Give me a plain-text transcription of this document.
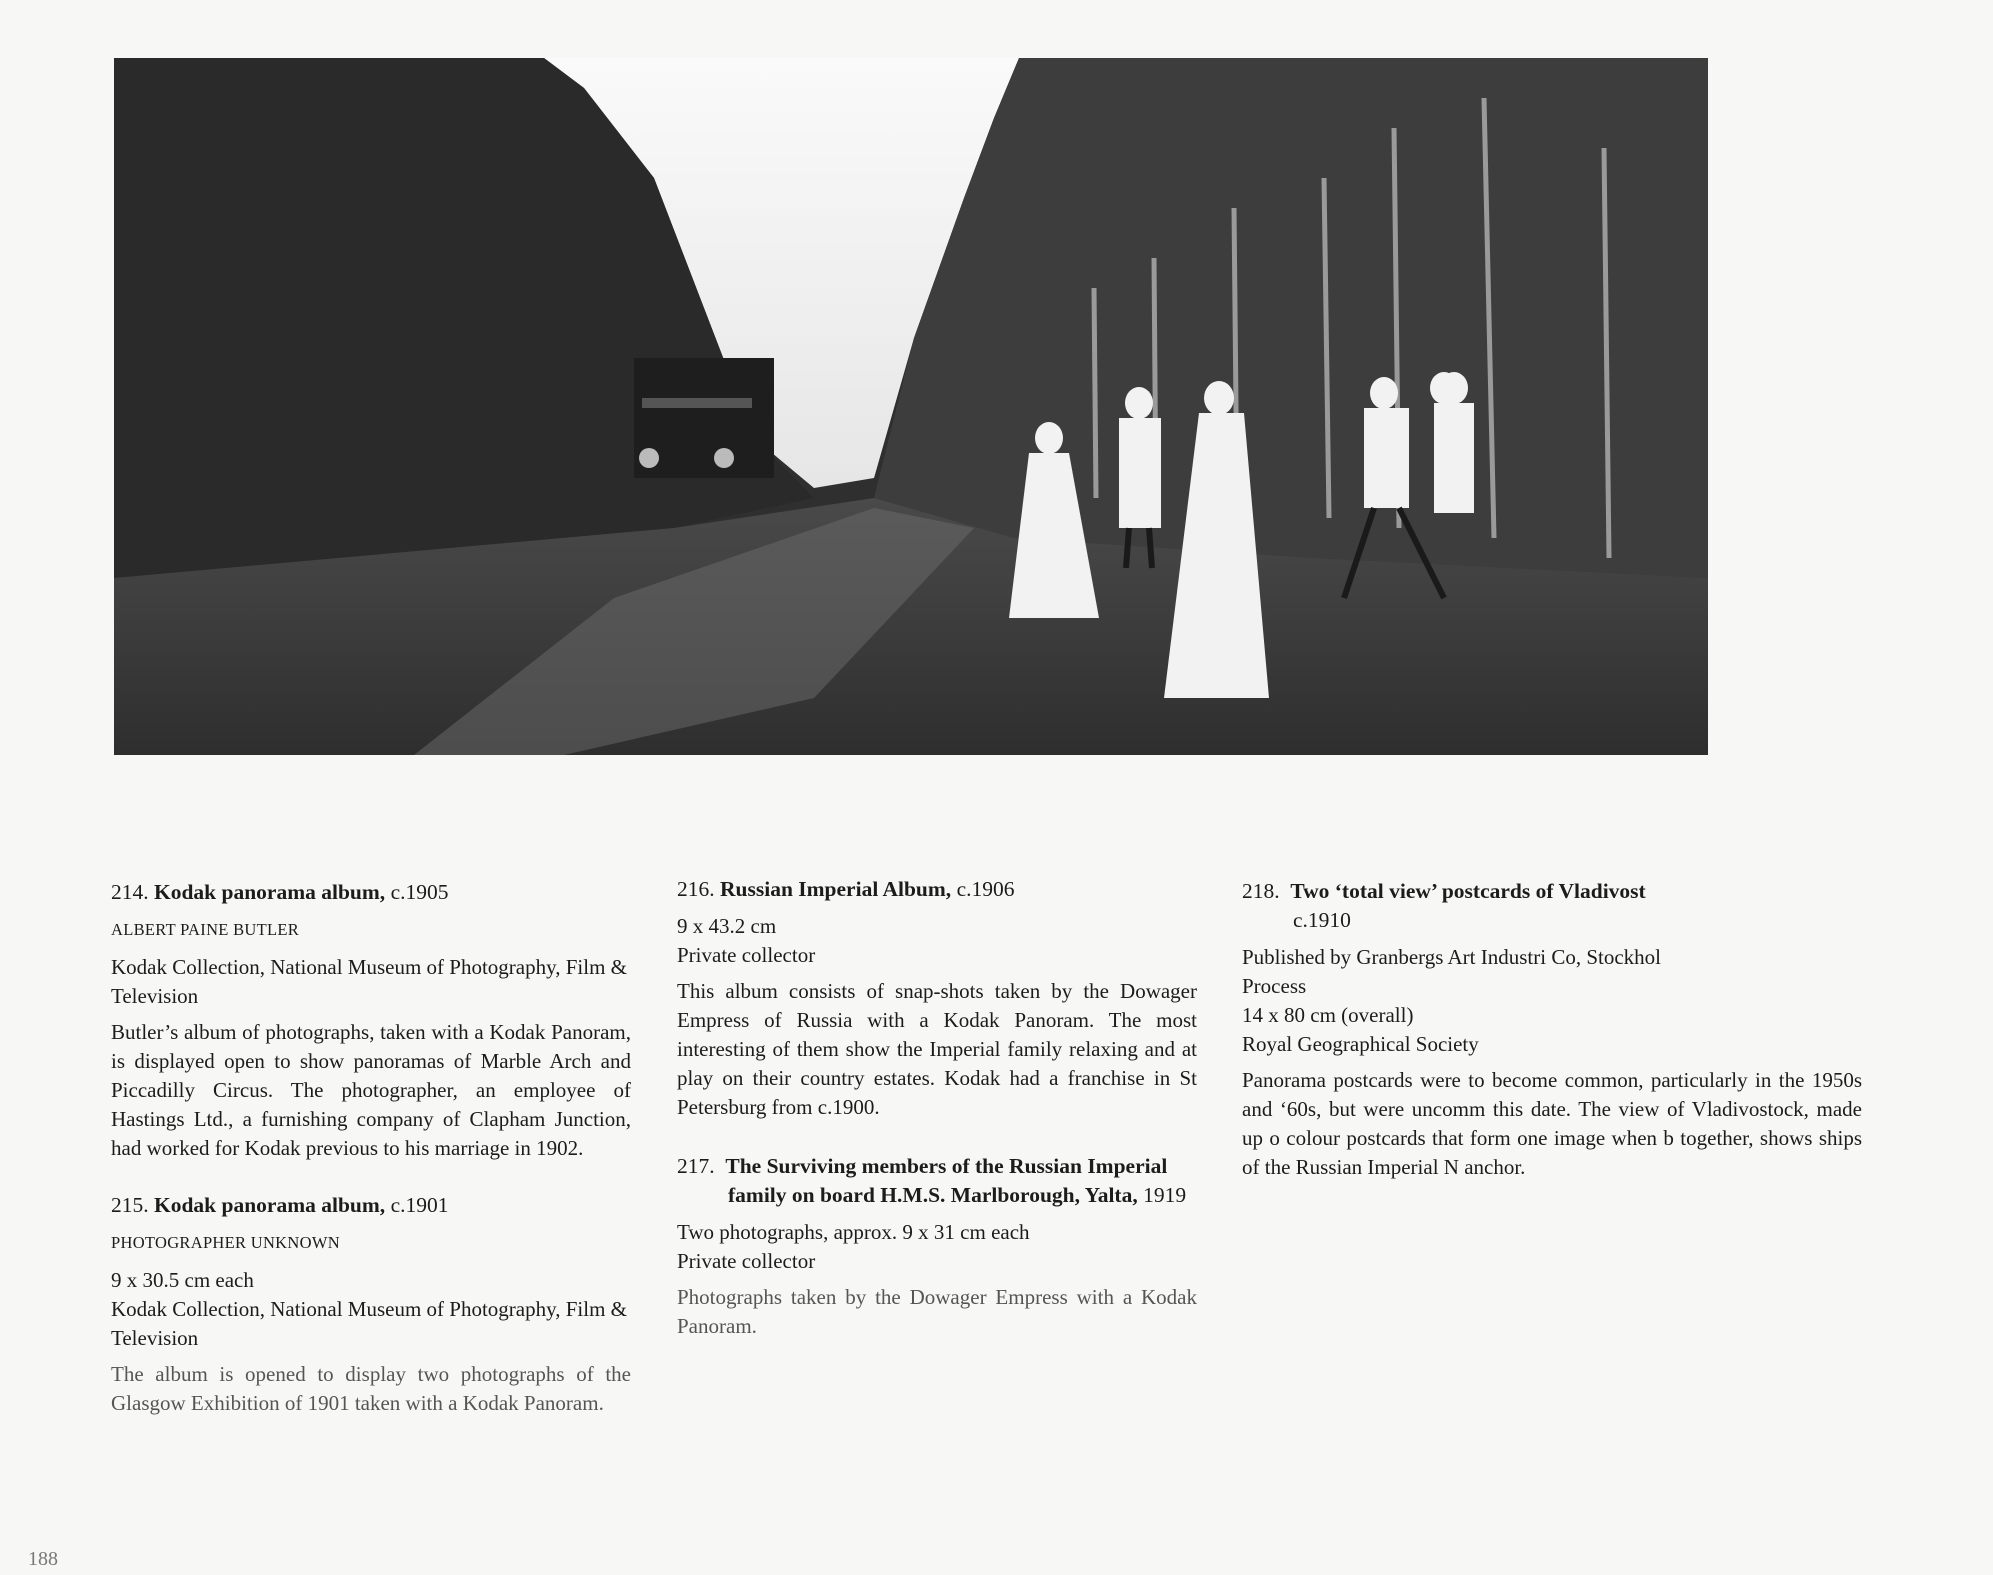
214. Kodak panorama album, c.1905

ALBERT PAINE BUTLER

Kodak Collection, National Museum of Photography, Film & Television

Butler’s album of photographs, taken with a Kodak Panoram, is displayed open to show panoramas of Marble Arch and Piccadilly Circus. The photographer, an employee of Hastings Ltd., a furnishing company of Clapham Junction, had worked for Kodak previous to his marriage in 1902.

215. Kodak panorama album, c.1901

PHOTOGRAPHER UNKNOWN

9 x 30.5 cm each

Kodak Collection, National Museum of Photography, Film & Television

The album is opened to display two photographs of the Glasgow Exhibition of 1901 taken with a Kodak Panoram.

216. Russian Imperial Album, c.1906

9 x 43.2 cm

Private collector

This album consists of snap-shots taken by the Dowager Empress of Russia with a Kodak Panoram. The most interesting of them show the Imperial family relaxing and at play on their country estates. Kodak had a franchise in St Petersburg from c.1900.

217. The Surviving members of the Russian Imperial family on board H.M.S. Marlborough, Yalta, 1919

Two photographs, approx. 9 x 31 cm each

Private collector

Photographs taken by the Dowager Empress with a Kodak Panoram.

218. Two ‘total view’ postcards of Vladivost
c.1910

Published by Granbergs Art Industri Co, Stockhol

Process

14 x 80 cm (overall)

Royal Geographical Society

Panorama postcards were to become common, particularly in the 1950s and ‘60s, but were uncomm this date. The view of Vladivostock, made up o colour postcards that form one image when b together, shows ships of the Russian Imperial N anchor.

188
